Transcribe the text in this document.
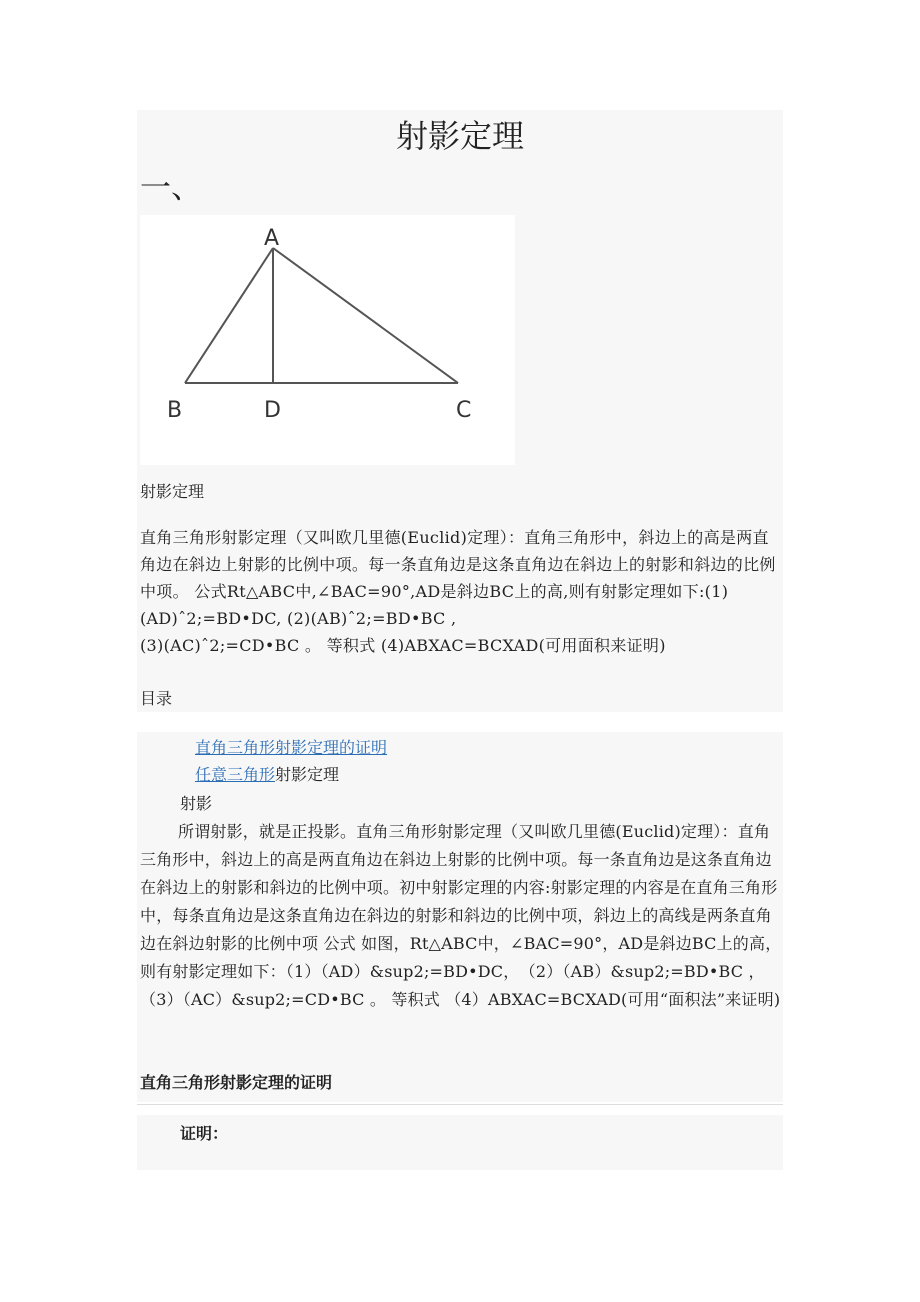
射影定理
一、
A
B	D	C
射影定理
直角三角形射影定理（又叫欧几里德(Euclid)定理）：直角三角形中，斜边上的高是两直角边在斜边上射影的比例中项。每一条直角边是这条直角边在斜边上的射影和斜边的比例中项。 公式Rt△ABC中,∠BAC=90°,AD是斜边BC上的高,则有射影定理如下:(1)(AD)ˆ2;=BD•DC, (2)(AB)ˆ2;=BD•BC ,
(3)(AC)ˆ2;=CD•BC 。 等积式 (4)ABXAC=BCXAD(可用面积来证明)
目录
直角三角形射影定理的证明
任意三角形射影定理
射影
所谓射影，就是正投影。直角三角形射影定理（又叫欧几里德(Euclid)定理）：直角三角形中，斜边上的高是两直角边在斜边上射影的比例中项。每一条直角边是这条直角边在斜边上的射影和斜边的比例中项。初中射影定理的内容:射影定理的内容是在直角三角形中，每条直角边是这条直角边在斜边的射影和斜边的比例中项，斜边上的高线是两条直角边在斜边射影的比例中项 公式 如图，Rt△ABC中，∠BAC=90°，AD是斜边BC上的高，则有射影定理如下：（1）（AD）&sup2;=BD•DC，　（2）（AB）&sup2;=BD•BC ，　（3）（AC）&sup2;=CD•BC 。 等积式 （4）ABXAC=BCXAD(可用“面积法”来证明)
直角三角形射影定理的证明
证明：
